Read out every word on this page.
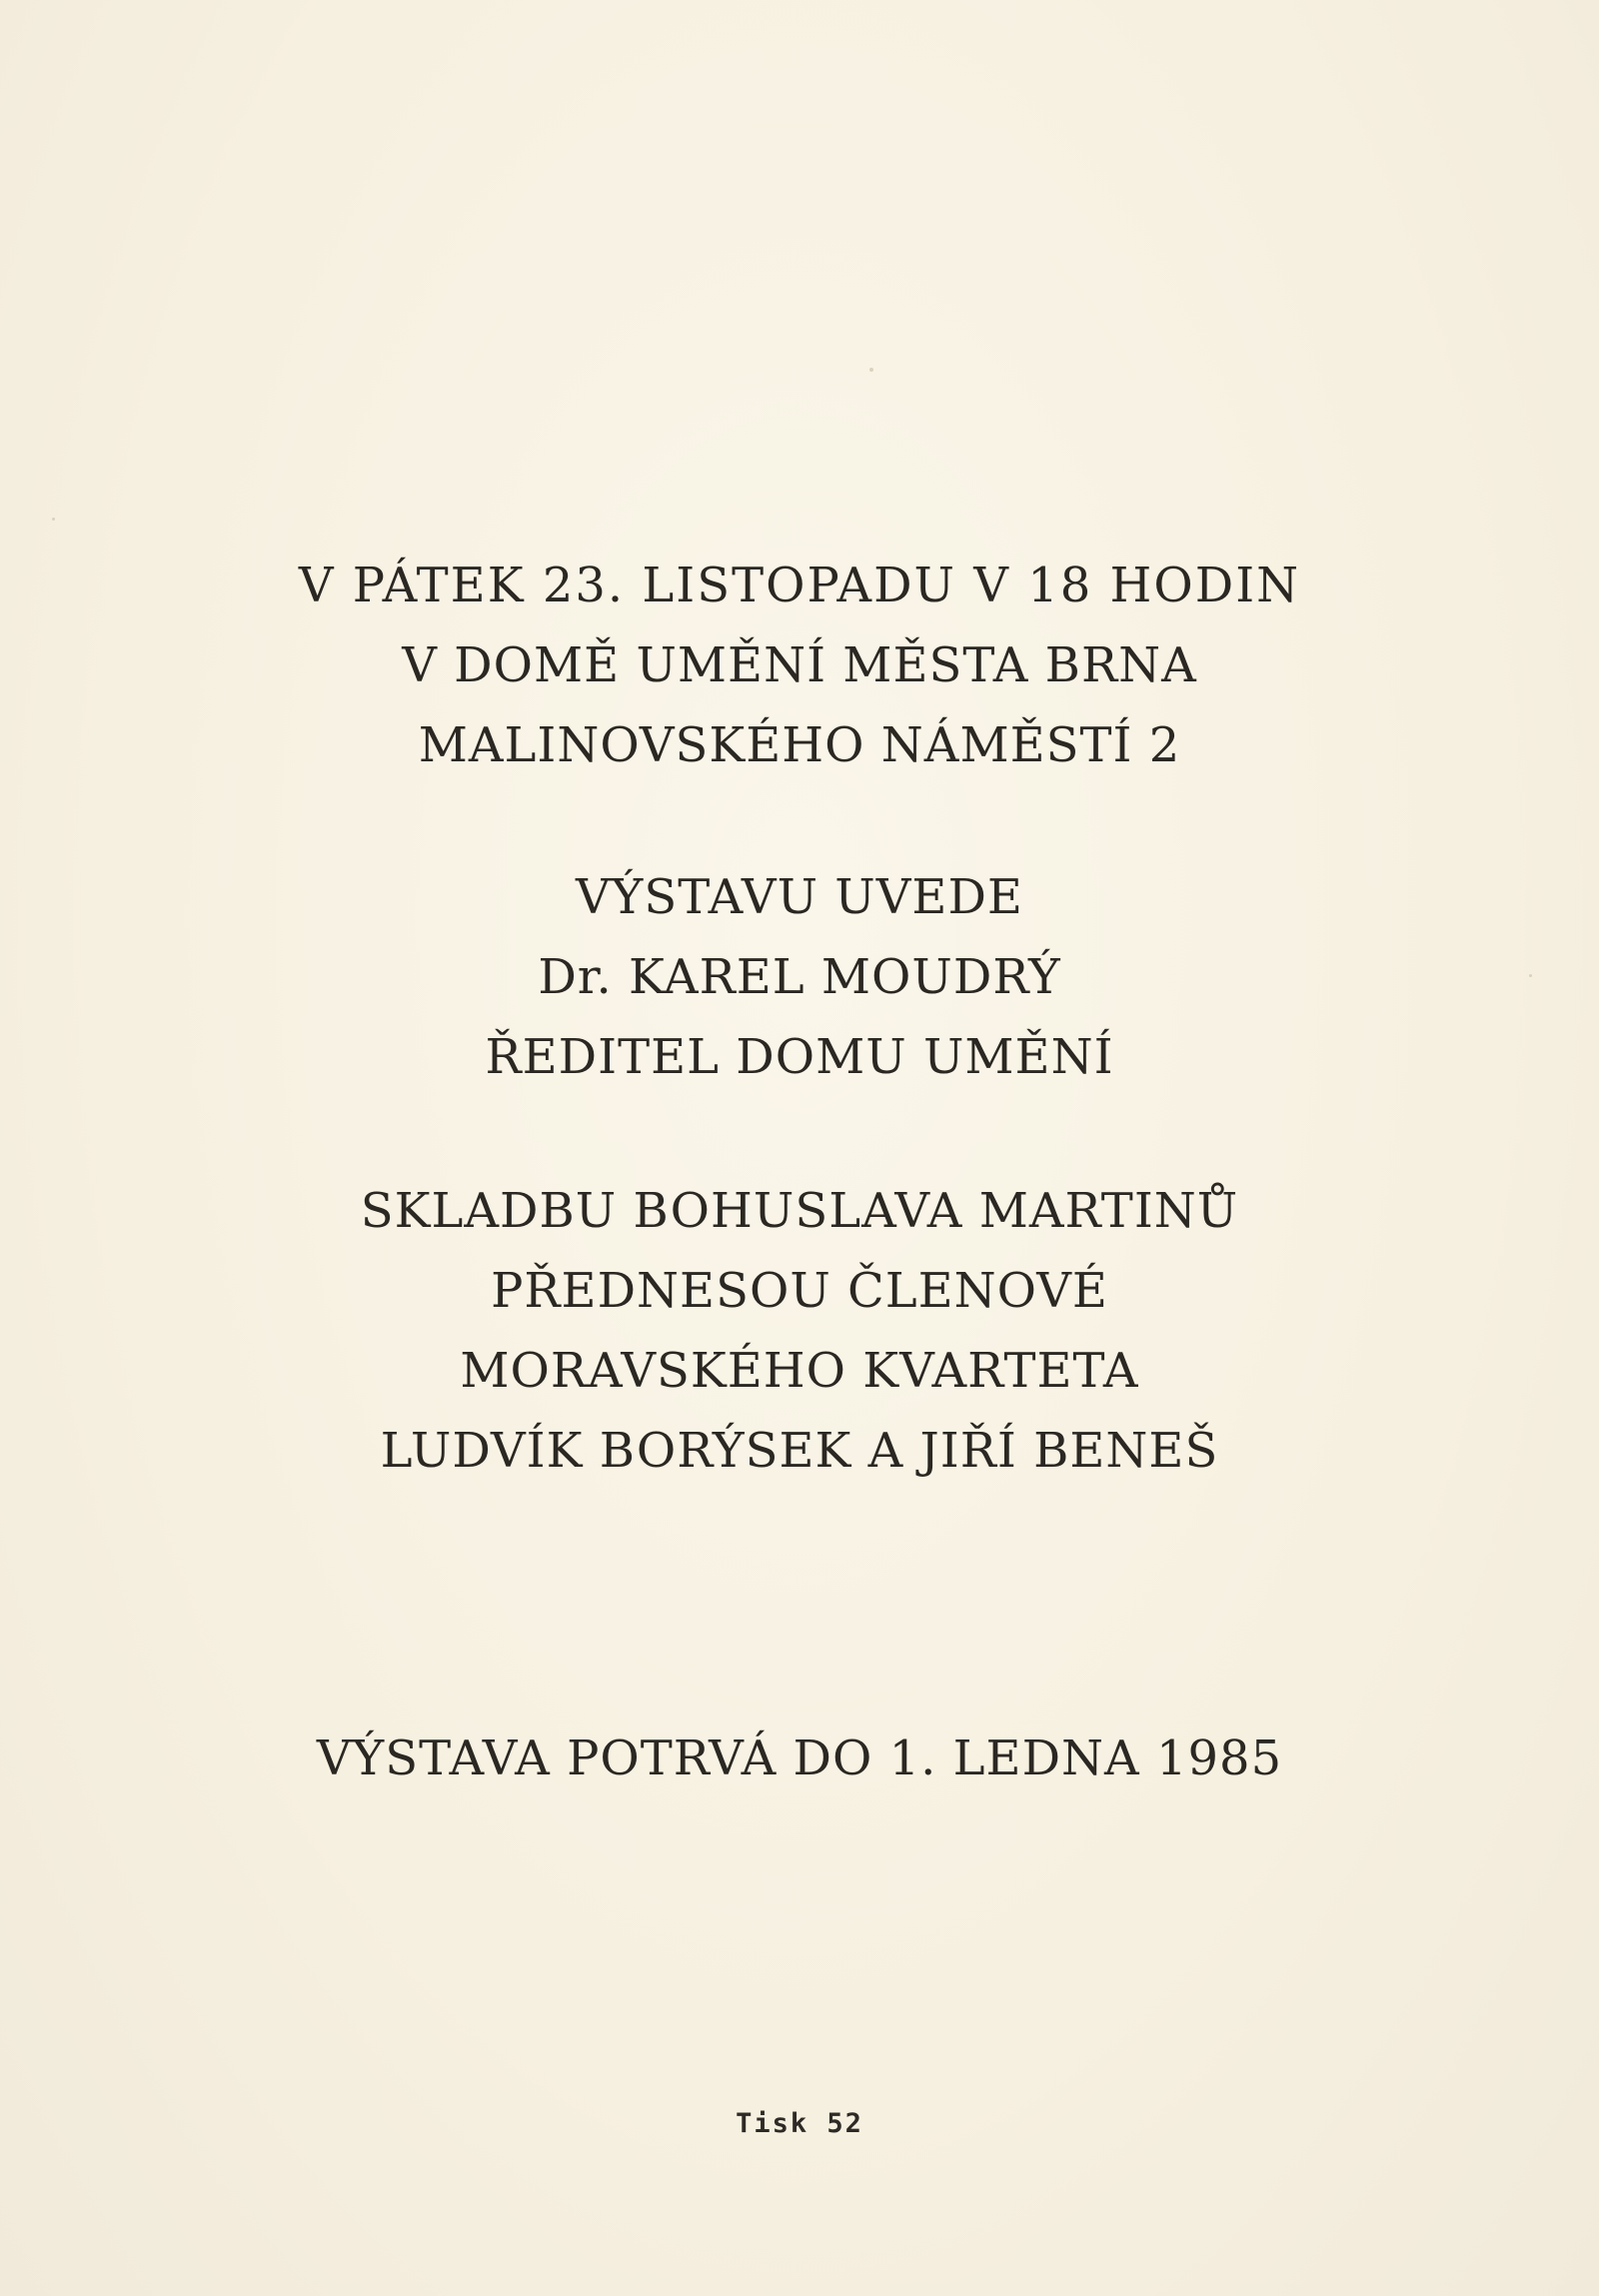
V PÁTEK 23. LISTOPADU V 18 HODIN
V DOMĚ UMĚNÍ MĚSTA BRNA
MALINOVSKÉHO NÁMĚSTÍ 2
VÝSTAVU UVEDE
Dr. KAREL MOUDRÝ
ŘEDITEL DOMU UMĚNÍ
SKLADBU BOHUSLAVA MARTINŮ
PŘEDNESOU ČLENOVÉ
MORAVSKÉHO KVARTETA
LUDVÍK BORÝSEK A JIŘÍ BENEŠ
VÝSTAVA POTRVÁ DO 1. LEDNA 1985
Tisk 52
